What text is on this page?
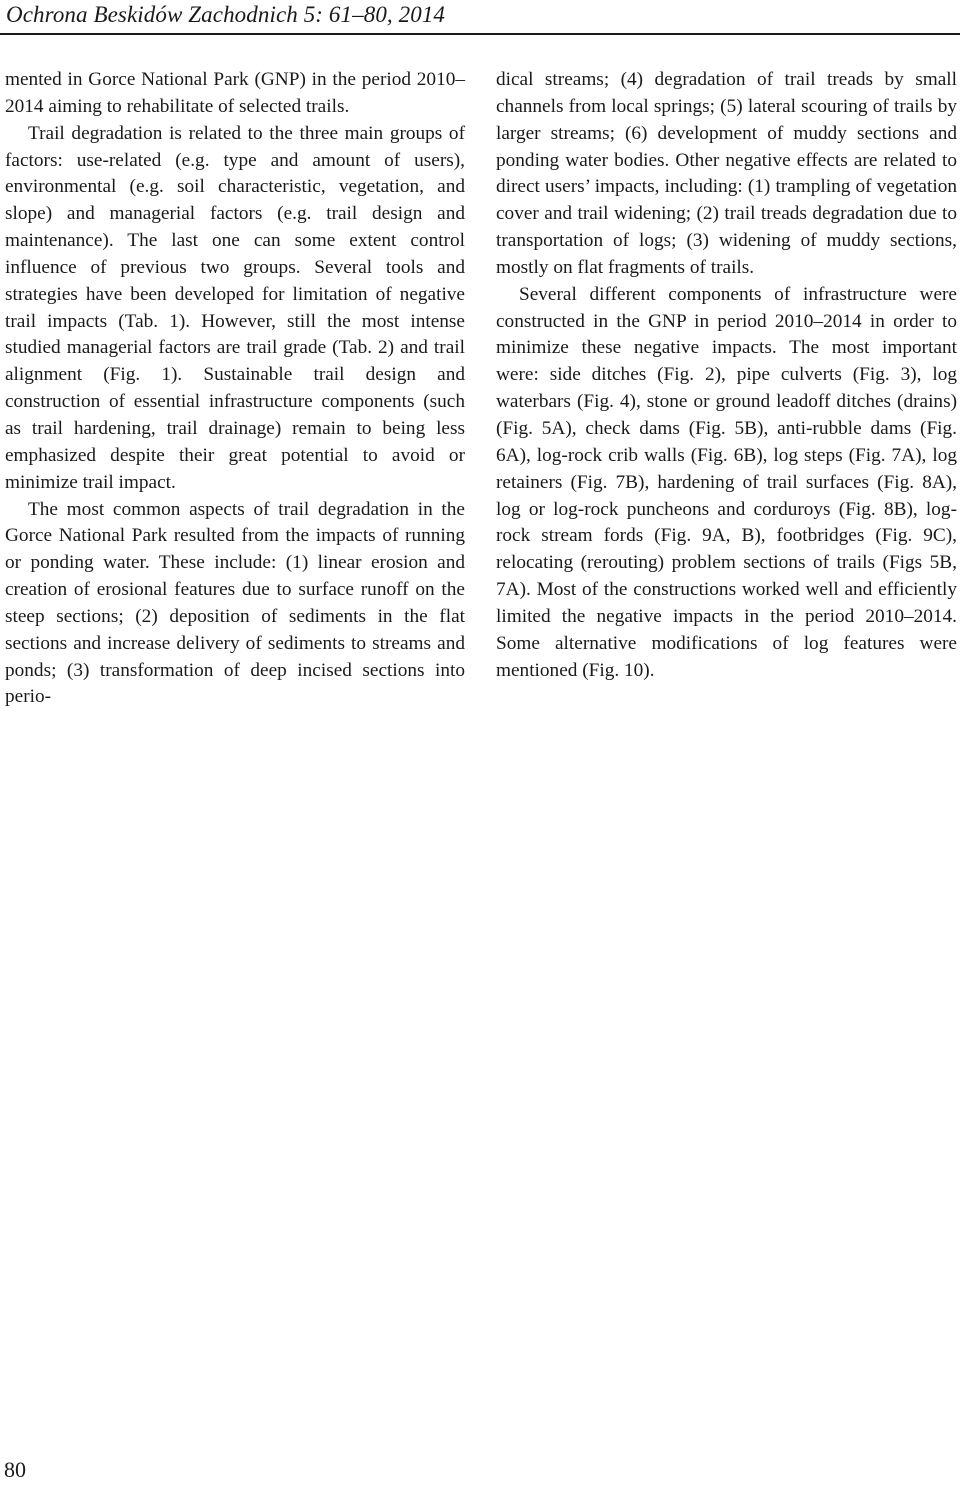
Ochrona Beskidów Zachodnich 5: 61–80, 2014

mented in Gorce National Park (GNP) in the period 2010–2014 aiming to rehabilitate of selected trails.

Trail degradation is related to the three main groups of factors: use-related (e.g. type and amount of users), environmental (e.g. soil characteristic, vegetation, and slope) and managerial factors (e.g. trail design and maintenance). The last one can some extent control influence of previous two groups. Several tools and strategies have been developed for limitation of negative trail impacts (Tab. 1). However, still the most intense studied managerial factors are trail grade (Tab. 2) and trail alignment (Fig. 1). Sustainable trail design and construction of essential infrastructure components (such as trail hardening, trail drainage) remain to being less emphasized despite their great potential to avoid or minimize trail impact.

The most common aspects of trail degradation in the Gorce National Park resulted from the impacts of running or ponding water. These include: (1) linear erosion and creation of erosional features due to surface runoff on the steep sections; (2) deposition of sediments in the flat sections and increase delivery of sediments to streams and ponds; (3) transformation of deep incised sections into perio-

dical streams; (4) degradation of trail treads by small channels from local springs; (5) lateral scouring of trails by larger streams; (6) development of muddy sections and ponding water bodies. Other negative effects are related to direct users’ impacts, including: (1) trampling of vegetation cover and trail widening; (2) trail treads degradation due to transportation of logs; (3) widening of muddy sections, mostly on flat fragments of trails.

Several different components of infrastructure were constructed in the GNP in period 2010–2014 in order to minimize these negative impacts. The most important were: side ditches (Fig. 2), pipe culverts (Fig. 3), log waterbars (Fig. 4), stone or ground leadoff ditches (drains) (Fig. 5A), check dams (Fig. 5B), anti-rubble dams (Fig. 6A), log-rock crib walls (Fig. 6B), log steps (Fig. 7A), log retainers (Fig. 7B), hardening of trail surfaces (Fig. 8A), log or log-rock puncheons and corduroys (Fig. 8B), log-rock stream fords (Fig. 9A, B), footbridges (Fig. 9C), relocating (rerouting) problem sections of trails (Figs 5B, 7A). Most of the constructions worked well and efficiently limited the negative impacts in the period 2010–2014. Some alternative modifications of log features were mentioned (Fig. 10).

80
